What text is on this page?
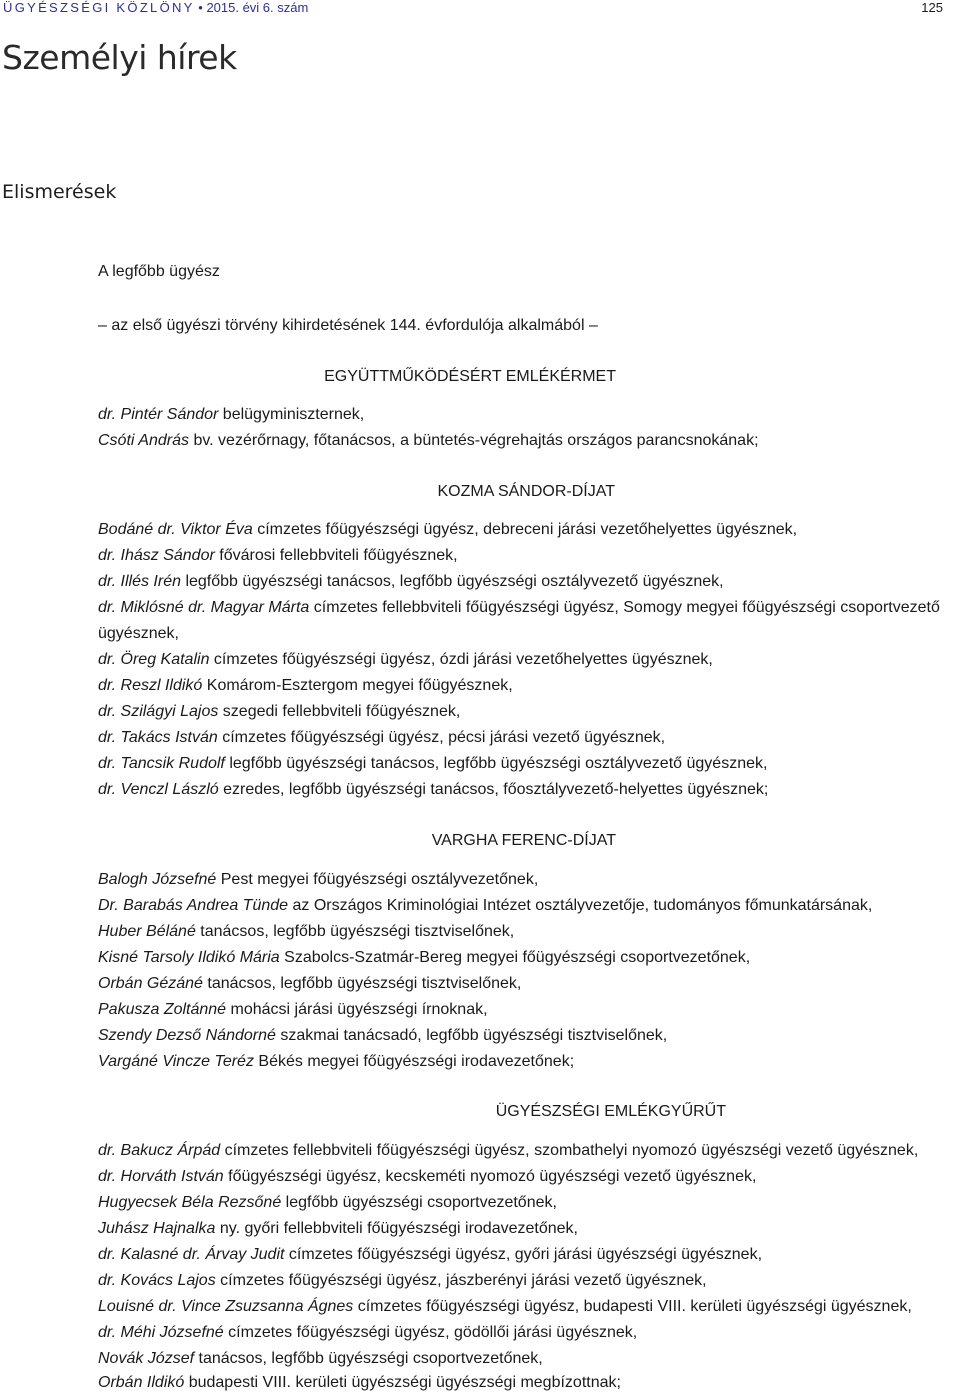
ÜGYÉSZSÉGI KÖZLÖNY • 2015. évi 6. szám	125
Személyi hírek
Elismerések
A legfőbb ügyész
– az első ügyészi törvény kihirdetésének 144. évfordulója alkalmából –
EGYÜTTMŰKÖDÉSÉRT EMLÉKÉRMET
dr. Pintér Sándor belügyminiszternek,
Csóti András bv. vezérőrnagy, főtanácsos, a büntetés-végrehajtás országos parancsnokának;
KOZMA SÁNDOR-DÍJAT
Bodáné dr. Viktor Éva címzetes főügyészségi ügyész, debreceni járási vezetőhelyettes ügyésznek,
dr. Ihász Sándor fővárosi fellebbviteli főügyésznek,
dr. Illés Irén legfőbb ügyészségi tanácsos, legfőbb ügyészségi osztályvezető ügyésznek,
dr. Miklósné dr. Magyar Márta címzetes fellebbviteli főügyészségi ügyész, Somogy megyei főügyészségi csoportvezető
ügyésznek,
dr. Öreg Katalin címzetes főügyészségi ügyész, ózdi járási vezetőhelyettes ügyésznek,
dr. Reszl Ildikó Komárom-Esztergom megyei főügyésznek,
dr. Szilágyi Lajos szegedi fellebbviteli főügyésznek,
dr. Takács István címzetes főügyészségi ügyész, pécsi járási vezető ügyésznek,
dr. Tancsik Rudolf legfőbb ügyészségi tanácsos, legfőbb ügyészségi osztályvezető ügyésznek,
dr. Venczl László ezredes, legfőbb ügyészségi tanácsos, főosztályvezető-helyettes ügyésznek;
VARGHA FERENC-DÍJAT
Balogh Józsefné Pest megyei főügyészségi osztályvezetőnek,
Dr. Barabás Andrea Tünde az Országos Kriminológiai Intézet osztályvezetője, tudományos főmunkatársának,
Huber Béláné tanácsos, legfőbb ügyészségi tisztviselőnek,
Kisné Tarsoly Ildikó Mária Szabolcs-Szatmár-Bereg megyei főügyészségi csoportvezetőnek,
Orbán Gézáné tanácsos, legfőbb ügyészségi tisztviselőnek,
Pakusza Zoltánné mohácsi járási ügyészségi írnoknak,
Szendy Dezső Nándorné szakmai tanácsadó, legfőbb ügyészségi tisztviselőnek,
Vargáné Vincze Teréz Békés megyei főügyészségi irodavezetőnek;
ÜGYÉSZSÉGI EMLÉKGYŰRŰT
dr. Bakucz Árpád címzetes fellebbviteli főügyészségi ügyész, szombathelyi nyomozó ügyészségi vezető ügyésznek,
dr. Horváth István főügyészségi ügyész, kecskeméti nyomozó ügyészségi vezető ügyésznek,
Hugyecsek Béla Rezsőné legfőbb ügyészségi csoportvezetőnek,
Juhász Hajnalka ny. győri fellebbviteli főügyészségi irodavezetőnek,
dr. Kalasné dr. Árvay Judit címzetes főügyészségi ügyész, győri járási ügyészségi ügyésznek,
dr. Kovács Lajos címzetes főügyészségi ügyész, jászberényi járási vezető ügyésznek,
Louisné dr. Vince Zsuzsanna Ágnes címzetes főügyészségi ügyész, budapesti VIII. kerületi ügyészségi ügyésznek,
dr. Méhi Józsefné címzetes főügyészségi ügyész, gödöllői járási ügyésznek,
Novák József tanácsos, legfőbb ügyészségi csoportvezetőnek,
Orbán Ildikó budapesti VIII. kerületi ügyészségi ügyészségi megbízottnak;
